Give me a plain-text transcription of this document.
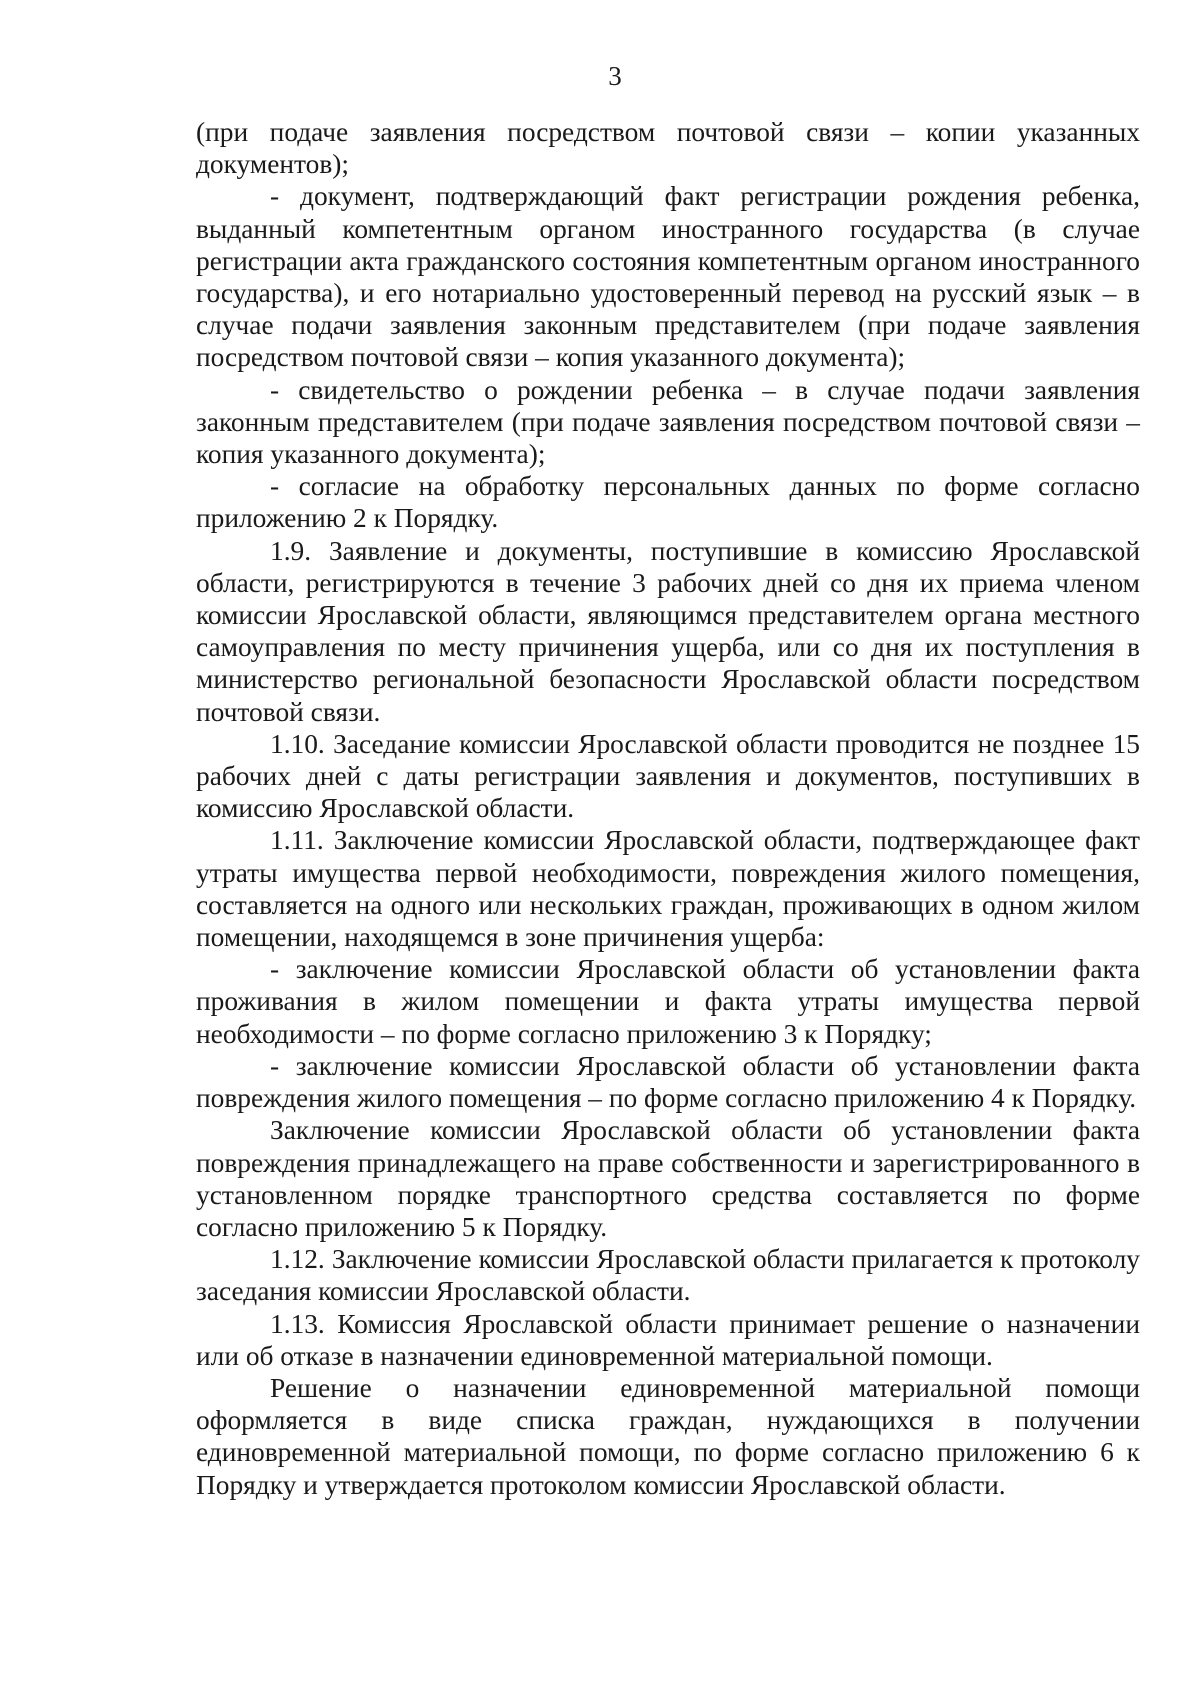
3

(при подаче заявления посредством почтовой связи – копии указанных документов);

- документ, подтверждающий факт регистрации рождения ребенка, выданный компетентным органом иностранного государства (в случае регистрации акта гражданского состояния компетентным органом иностранного государства), и его нотариально удостоверенный перевод на русский язык – в случае подачи заявления законным представителем (при подаче заявления посредством почтовой связи – копия указанного документа);

- свидетельство о рождении ребенка – в случае подачи заявления законным представителем (при подаче заявления посредством почтовой связи – копия указанного документа);

- согласие на обработку персональных данных по форме согласно приложению 2 к Порядку.

1.9. Заявление и документы, поступившие в комиссию Ярославской области, регистрируются в течение 3 рабочих дней со дня их приема членом комиссии Ярославской области, являющимся представителем органа местного самоуправления по месту причинения ущерба, или со дня их поступления в министерство региональной безопасности Ярославской области посредством почтовой связи.

1.10. Заседание комиссии Ярославской области проводится не позднее 15 рабочих дней с даты регистрации заявления и документов, поступивших в комиссию Ярославской области.

1.11. Заключение комиссии Ярославской области, подтверждающее факт утраты имущества первой необходимости, повреждения жилого помещения, составляется на одного или нескольких граждан, проживающих в одном жилом помещении, находящемся в зоне причинения ущерба:

- заключение комиссии Ярославской области об установлении факта проживания в жилом помещении и факта утраты имущества первой необходимости – по форме согласно приложению 3 к Порядку;

- заключение комиссии Ярославской области об установлении факта повреждения жилого помещения – по форме согласно приложению 4 к Порядку.

Заключение комиссии Ярославской области об установлении факта повреждения принадлежащего на праве собственности и зарегистрированного в установленном порядке транспортного средства составляется по форме согласно приложению 5 к Порядку.

1.12. Заключение комиссии Ярославской области прилагается к протоколу заседания комиссии Ярославской области.

1.13. Комиссия Ярославской области принимает решение о назначении или об отказе в назначении единовременной материальной помощи.

Решение о назначении единовременной материальной помощи оформляется в виде списка граждан, нуждающихся в получении единовременной материальной помощи, по форме согласно приложению 6 к Порядку и утверждается протоколом комиссии Ярославской области.
